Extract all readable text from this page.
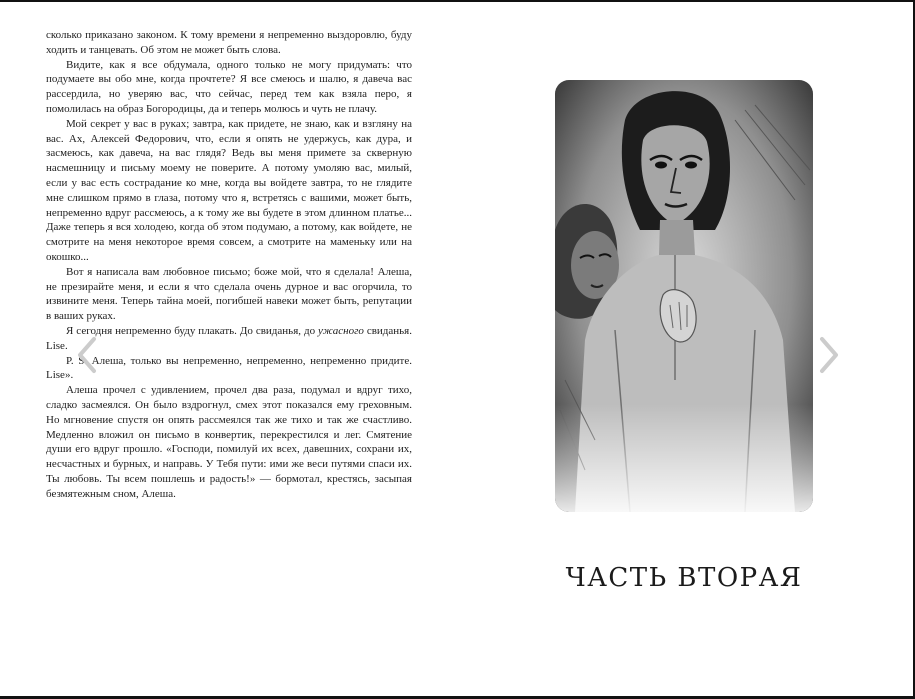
сколько приказано законом. К тому времени я непременно выздоровлю, буду ходить и танцевать. Об этом не может быть слова.

Видите, как я все обдумала, одного только не могу придумать: что подумаете вы обо мне, когда прочтете? Я все смеюсь и шалю, я давеча вас рассердила, но уверяю вас, что сейчас, перед тем как взяла перо, я помолилась на образ Богородицы, да и теперь молюсь и чуть не плачу.

Мой секрет у вас в руках; завтра, как придете, не знаю, как и взгляну на вас. Ах, Алексей Федорович, что, если я опять не удержусь, как дура, и засмеюсь, как давеча, на вас глядя? Ведь вы меня примете за скверную насмешницу и письму моему не поверите. А потому умоляю вас, милый, если у вас есть сострадание ко мне, когда вы войдете завтра, то не глядите мне слишком прямо в глаза, потому что я, встретясь с вашими, может быть, непременно вдруг рассмеюсь, а к тому же вы будете в этом длинном платье... Даже теперь я вся холодею, когда об этом подумаю, а потому, как войдете, не смотрите на меня некоторое время совсем, а смотрите на маменьку или на окошко...

Вот я написала вам любовное письмо; боже мой, что я сделала! Алеша, не презирайте меня, и если я что сделала очень дурное и вас огорчила, то извините меня. Теперь тайна моей, погибшей навеки может быть, репутации в ваших руках.

Я сегодня непременно буду плакать. До свиданья, до ужасного свиданья. Lise.

P. S. Алеша, только вы непременно, непременно, непременно придите. Lise».

Алеша прочел с удивлением, прочел два раза, подумал и вдруг тихо, сладко засмеялся. Он было вздрогнул, смех этот показался ему греховным. Но мгновение спустя он опять рассмеялся так же тихо и так же счастливо. Медленно вложил он письмо в конвертик, перекрестился и лег. Смятение души его вдруг прошло. «Господи, помилуй их всех, давешних, сохрани их, несчастных и бурных, и направь. У Тебя пути: ими же веси путями спаси их. Ты любовь. Ты всем пошлешь и радость!» — бормотал, крестясь, засыпая безмятежным сном, Алеша.

ЧАСТЬ ВТОРАЯ
